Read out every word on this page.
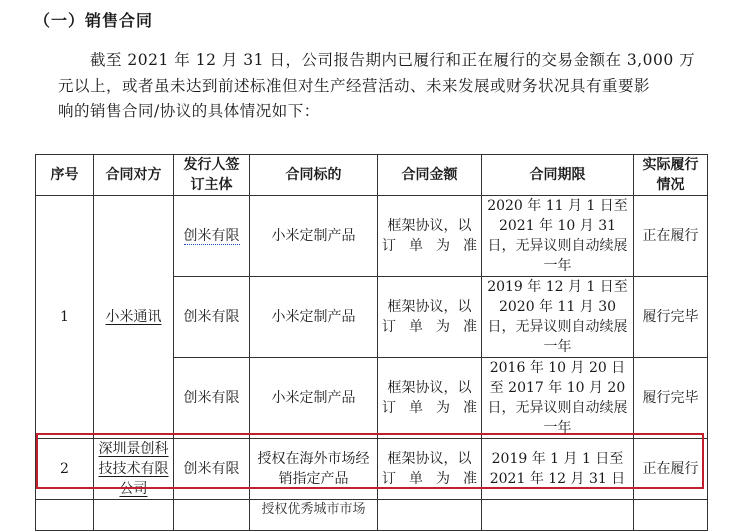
（一）销售合同
截至 2021 年 12 月 31 日，公司报告期内已履行和正在履行的交易金额在 3,000 万
元以上，或者虽未达到前述标准但对生产经营活动、未来发展或财务状况具有重要影
响的销售合同/协议的具体情况如下：
序号	合同对方	发行人签订主体	合同标的	合同金额	合同期限	实际履行情况
1	小米通讯	创米有限	小米定制产品	框架协议，以订单为准	2020 年 11 月 1 日至 2021 年 10 月 31 日，无异议则自动续展一年	正在履行
		创米有限	小米定制产品	框架协议，以订单为准	2019 年 12 月 1 日至 2020 年 11 月 30 日，无异议则自动续展一年	履行完毕
		创米有限	小米定制产品	框架协议，以订单为准	2016 年 10 月 20 日至 2017 年 10 月 20 日，无异议则自动续展一年	履行完毕
2	深圳景创科技技术有限公司	创米有限	授权在海外市场经销指定产品	框架协议，以订单为准	2019 年 1 月 1 日至 2021 年 12 月 31 日	正在履行
			授权优秀城市市场			
